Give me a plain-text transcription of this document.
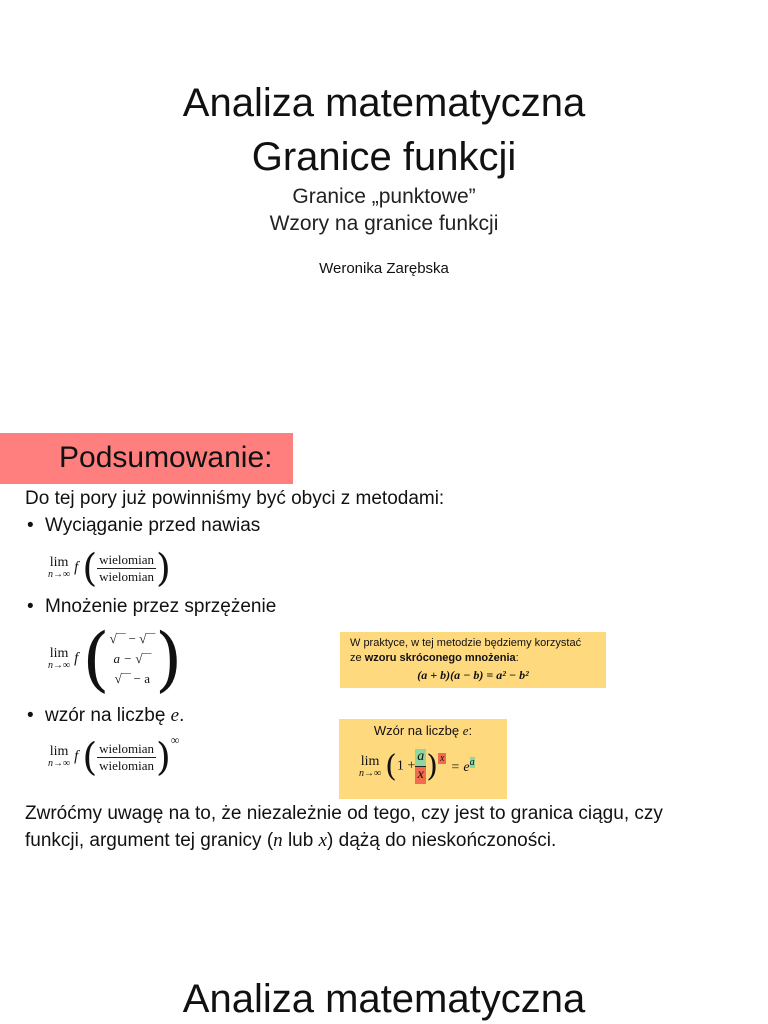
Analiza matematyczna
Granice funkcji
Granice „punktowe”
Wzory na granice funkcji
Weronika Zarębska
Podsumowanie:
Do tej pory już powinniśmy być obyci z metodami:
• Wyciąganie przed nawias
lim
n→∞ f ( $\frac{\text{wielomian}}{\text{wielomian}}$ )
• Mnożenie przez sprzężenie
lim
n→∞ f ( √‾‾ − √‾‾
a − √‾‾
√‾‾ − a )	W praktyce, w tej metodzie będziemy korzystać
ze wzoru skróconego mnożenia:
(a + b)(a − b) = a² − b²
• wzór na liczbę e.
lim
n→∞ f ( $\frac{\text{wielomian}}{\text{wielomian}} )^\infty$
Wzór na liczbę e:
lim
n→∞ ($1 + \frac{a}{x}$ ) $^x = e^a$
Zwróćmy uwagę na to, że niezależnie od tego, czy jest to granica ciągu, czy
funkcji, argument tej granicy (n lub x) dążą do nieskończoności.
Analiza matematyczna
